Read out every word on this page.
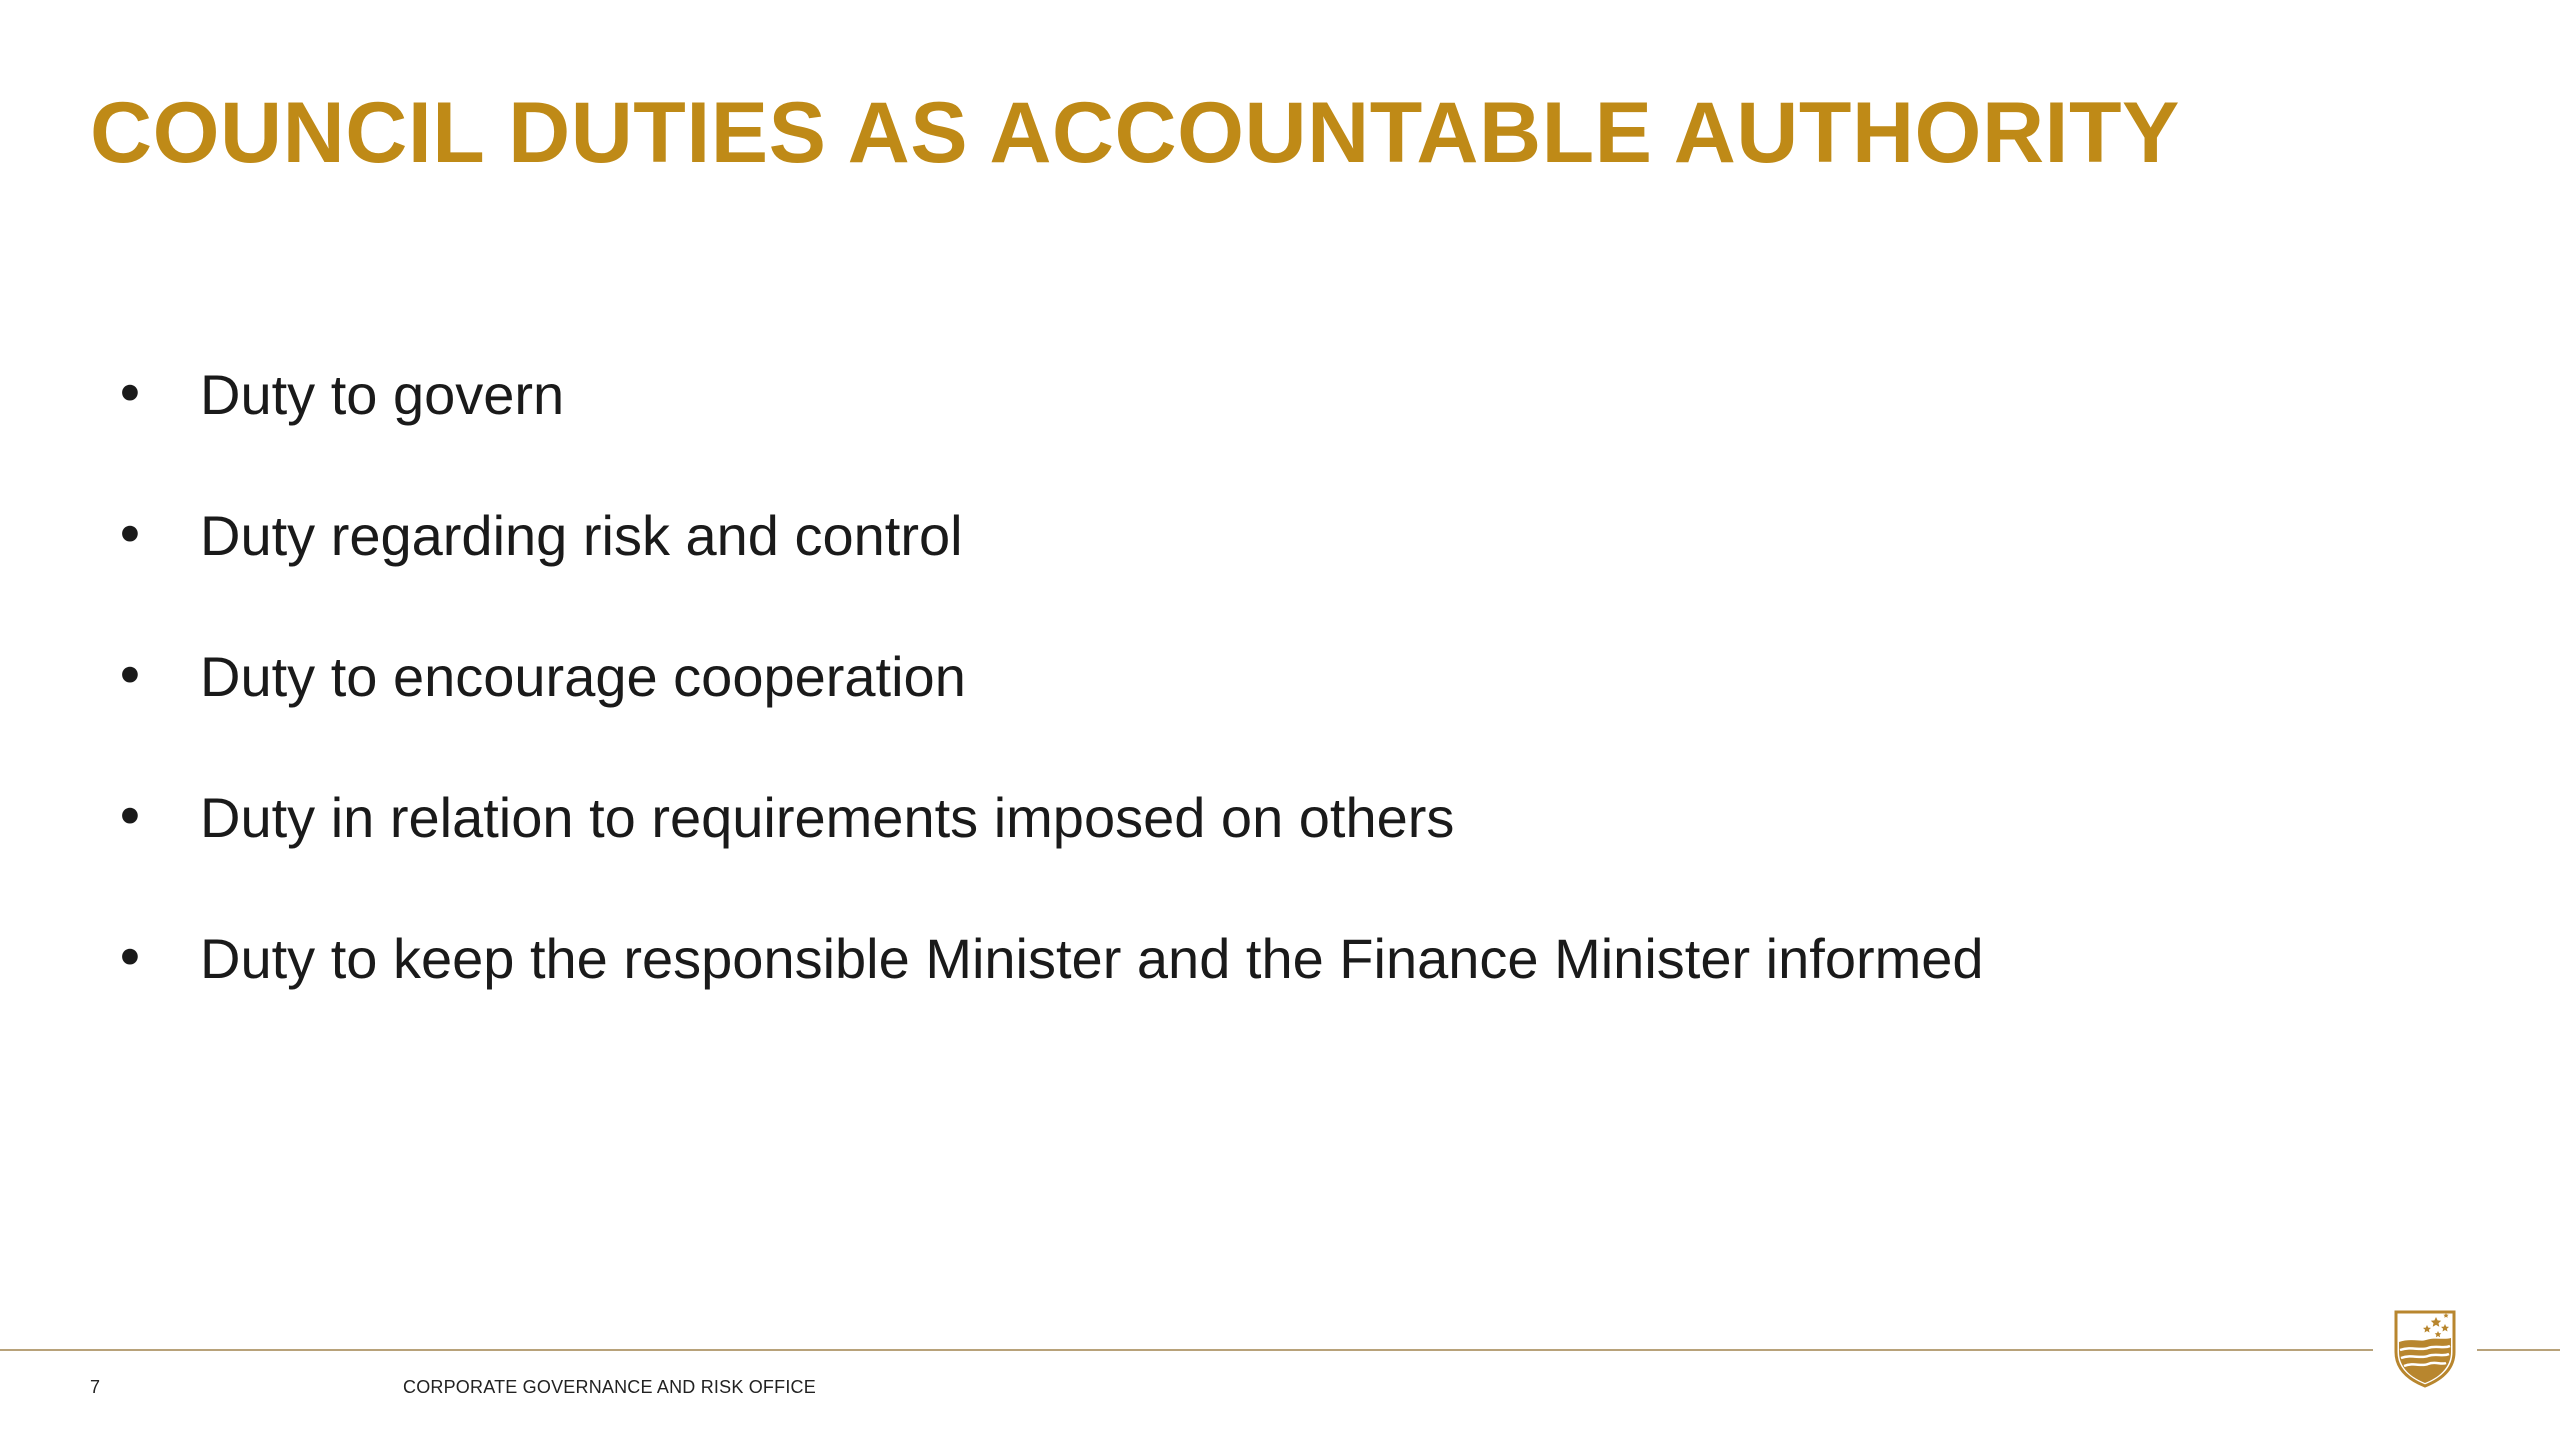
COUNCIL DUTIES AS ACCOUNTABLE AUTHORITY
• Duty to govern
• Duty regarding risk and control
• Duty to encourage cooperation
• Duty in relation to requirements imposed on others
• Duty to keep the responsible Minister and the Finance Minister informed
7	CORPORATE GOVERNANCE AND RISK OFFICE
